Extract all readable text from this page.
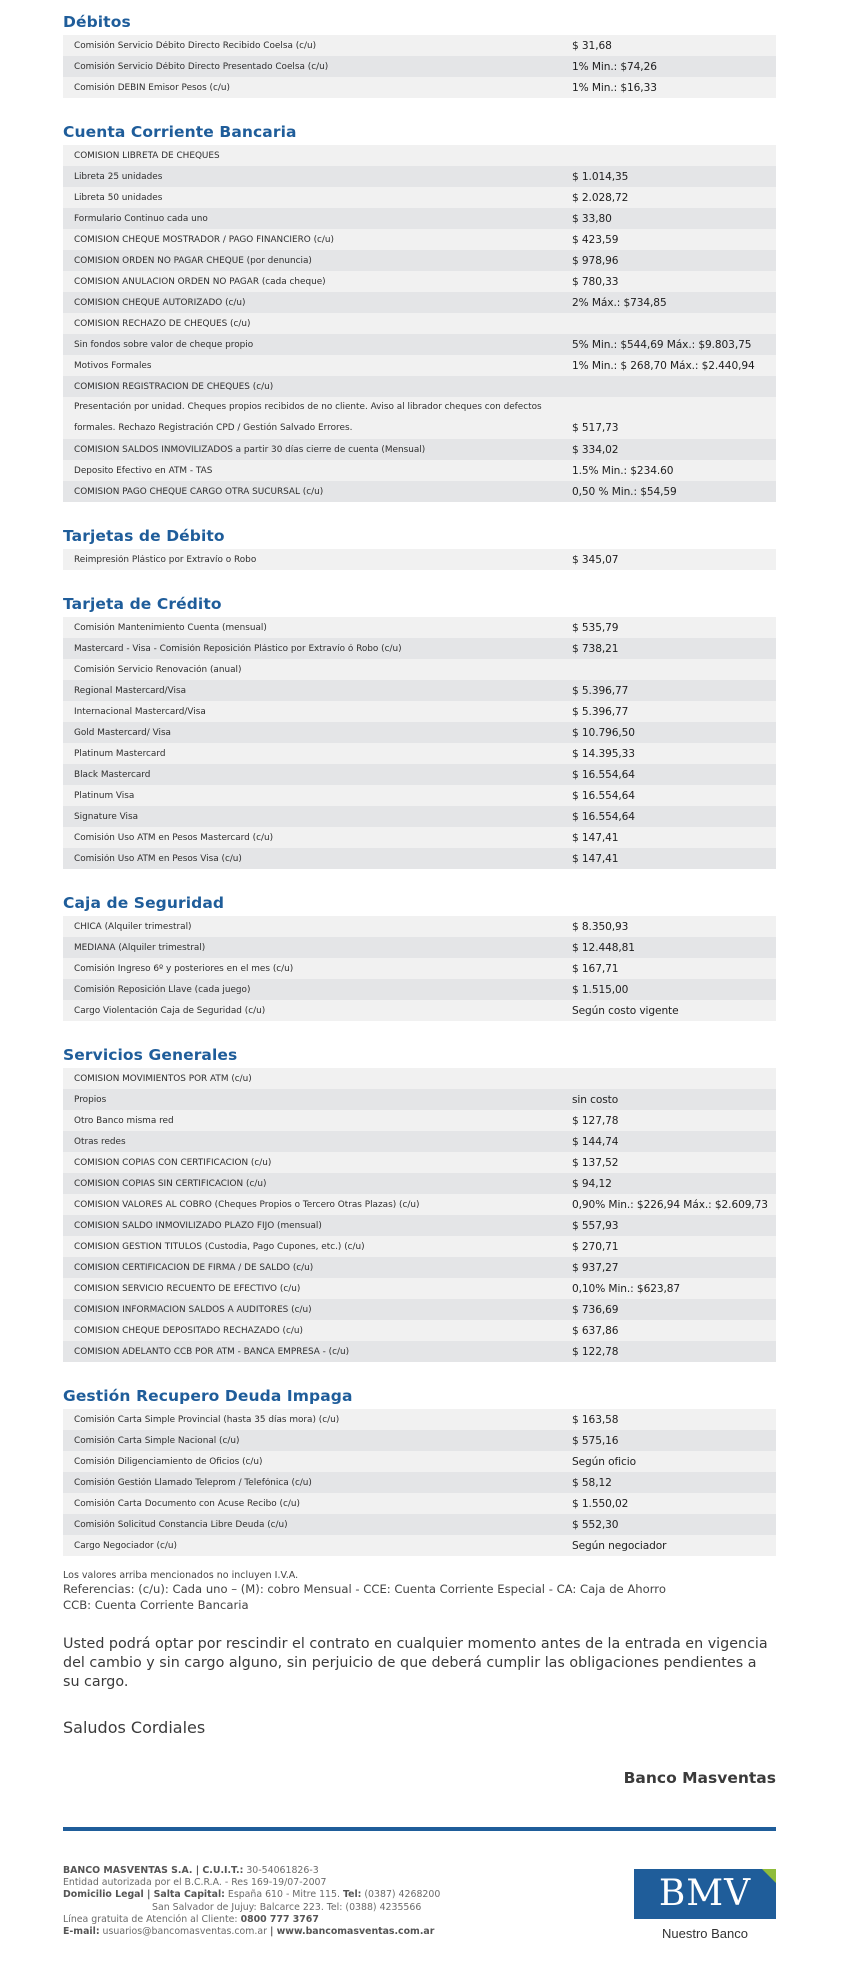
Débitos
Comisión Servicio Débito Directo Recibido Coelsa (c/u)	$ 31,68
Comisión Servicio Débito Directo Presentado Coelsa (c/u)	1% Min.: $74,26
Comisión DEBIN Emisor Pesos (c/u)	1% Min.: $16,33
Cuenta Corriente Bancaria
COMISIÓN LIBRETA DE CHEQUES
Libreta 25 unidades	$ 1.014,35
Libreta 50 unidades	$ 2.028,72
Formulario Continuo cada uno	$ 33,80
COMISIÓN CHEQUE MOSTRADOR / PAGO FINANCIERO (c/u)	$ 423,59
COMISIÓN ORDEN NO PAGAR CHEQUE (por denuncia)	$ 978,96
COMISIÓN ANULACIÓN ORDEN NO PAGAR (cada cheque)	$ 780,33
COMISIÓN CHEQUE AUTORIZADO (c/u)	2% Máx.: $734,85
COMISIÓN RECHAZO DE CHEQUES (c/u)
Sin fondos sobre valor de cheque propio	5% Min.: $544,69 Máx.: $9.803,75
Motivos Formales	1% Min.: $ 268,70 Máx.: $2.440,94
COMISIÓN REGISTRACIÓN DE CHEQUES (c/u)
Presentación por unidad. Cheques propios recibidos de no cliente. Aviso al librador cheques con defectos formales. Rechazo Registración CPD / Gestión Salvado Errores.	$ 517,73
COMISIÓN SALDOS INMOVILIZADOS a partir 30 días cierre de cuenta (Mensual)	$ 334,02
Deposito Efectivo en ATM - TAS	1.5% Min.: $234.60
COMISIÓN PAGO CHEQUE CARGO OTRA SUCURSAL (c/u)	0,50 % Min.: $54,59
Tarjetas de Débito
Reimpresión Plástico por Extravío o Robo	$ 345,07
Tarjeta de Crédito
Comisión Mantenimiento Cuenta (mensual)	$ 535,79
Mastercard - Visa - Comisión Reposición Plástico por Extravío ó Robo (c/u)	$ 738,21
Comisión Servicio Renovación (anual)
Regional Mastercard/Visa	$ 5.396,77
Internacional Mastercard/Visa	$ 5.396,77
Gold Mastercard/ Visa	$ 10.796,50
Platinum Mastercard	$ 14.395,33
Black Mastercard	$ 16.554,64
Platinum Visa	$ 16.554,64
Signature Visa	$ 16.554,64
Comisión Uso ATM en Pesos Mastercard (c/u)	$ 147,41
Comisión Uso ATM en Pesos Visa (c/u)	$ 147,41
Caja de Seguridad
CHICA (Alquiler trimestral)	$ 8.350,93
MEDIANA (Alquiler trimestral)	$ 12.448,81
Comisión Ingreso 6º y posteriores en el mes (c/u)	$ 167,71
Comisión Reposición Llave (cada juego)	$ 1.515,00
Cargo Violentación Caja de Seguridad (c/u)	Según costo vigente
Servicios Generales
COMISION MOVIMIENTOS POR ATM (c/u)
Propios	sin costo
Otro Banco misma red	$ 127,78
Otras redes	$ 144,74
COMISION COPIAS CON CERTIFICACION (c/u)	$ 137,52
COMISION COPIAS SIN CERTIFICACION (c/u)	$ 94,12
COMISION VALORES AL COBRO (Cheques Propios o Tercero Otras Plazas) (c/u)	0,90% Min.: $226,94 Máx.: $2.609,73
COMISION SALDO INMOVILIZADO PLAZO FIJO (mensual)	$ 557,93
COMISION GESTION TITULOS (Custodia, Pago Cupones, etc.) (c/u)	$ 270,71
COMISION CERTIFICACION DE FIRMA / DE SALDO (c/u)	$ 937,27
COMISION SERVICIO RECUENTO DE EFECTIVO (c/u)	0,10% Min.: $623,87
COMISION INFORMACION SALDOS A AUDITORES (c/u)	$ 736,69
COMISION CHEQUE DEPOSITADO RECHAZADO (c/u)	$ 637,86
COMISIÓN ADELANTO CCB POR ATM - BANCA EMPRESA - (c/u)	$ 122,78
Gestión Recupero Deuda Impaga
Comisión Carta Simple Provincial (hasta 35 días mora) (c/u)	$ 163,58
Comisión Carta Simple Nacional (c/u)	$ 575,16
Comisión Diligenciamiento de Oficios (c/u)	Según oficio
Comisión Gestión Llamado Teleprom / Telefónica (c/u)	$ 58,12
Comisión Carta Documento con Acuse Recibo (c/u)	$ 1.550,02
Comisión Solicitud Constancia Libre Deuda (c/u)	$ 552,30
Cargo Negociador (c/u)	Según negociador
Los valores arriba mencionados no incluyen I.V.A.
Referencias: (c/u): Cada uno – (M): cobro Mensual - CCE: Cuenta Corriente Especial - CA: Caja de Ahorro
CCB: Cuenta Corriente Bancaria
Usted podrá optar por rescindir el contrato en cualquier momento antes de la entrada en vigencia del cambio y sin cargo alguno, sin perjuicio de que deberá cumplir las obligaciones pendientes a su cargo.
Saludos Cordiales
Banco Masventas
BANCO MASVENTAS S.A. | C.U.I.T.: 30-54061826-3
Entidad autorizada por el B.C.R.A. - Res 169-19/07-2007
Domicilio Legal | Salta Capital: España 610 - Mitre 115. Tel: (0387) 4268200
San Salvador de Jujuy: Balcarce 223. Tel: (0388) 4235566
Línea gratuita de Atención al Cliente: 0800 777 3767
E-mail: usuarios@bancomasventas.com.ar | www.bancomasventas.com.ar
BMV
Nuestro Banco
